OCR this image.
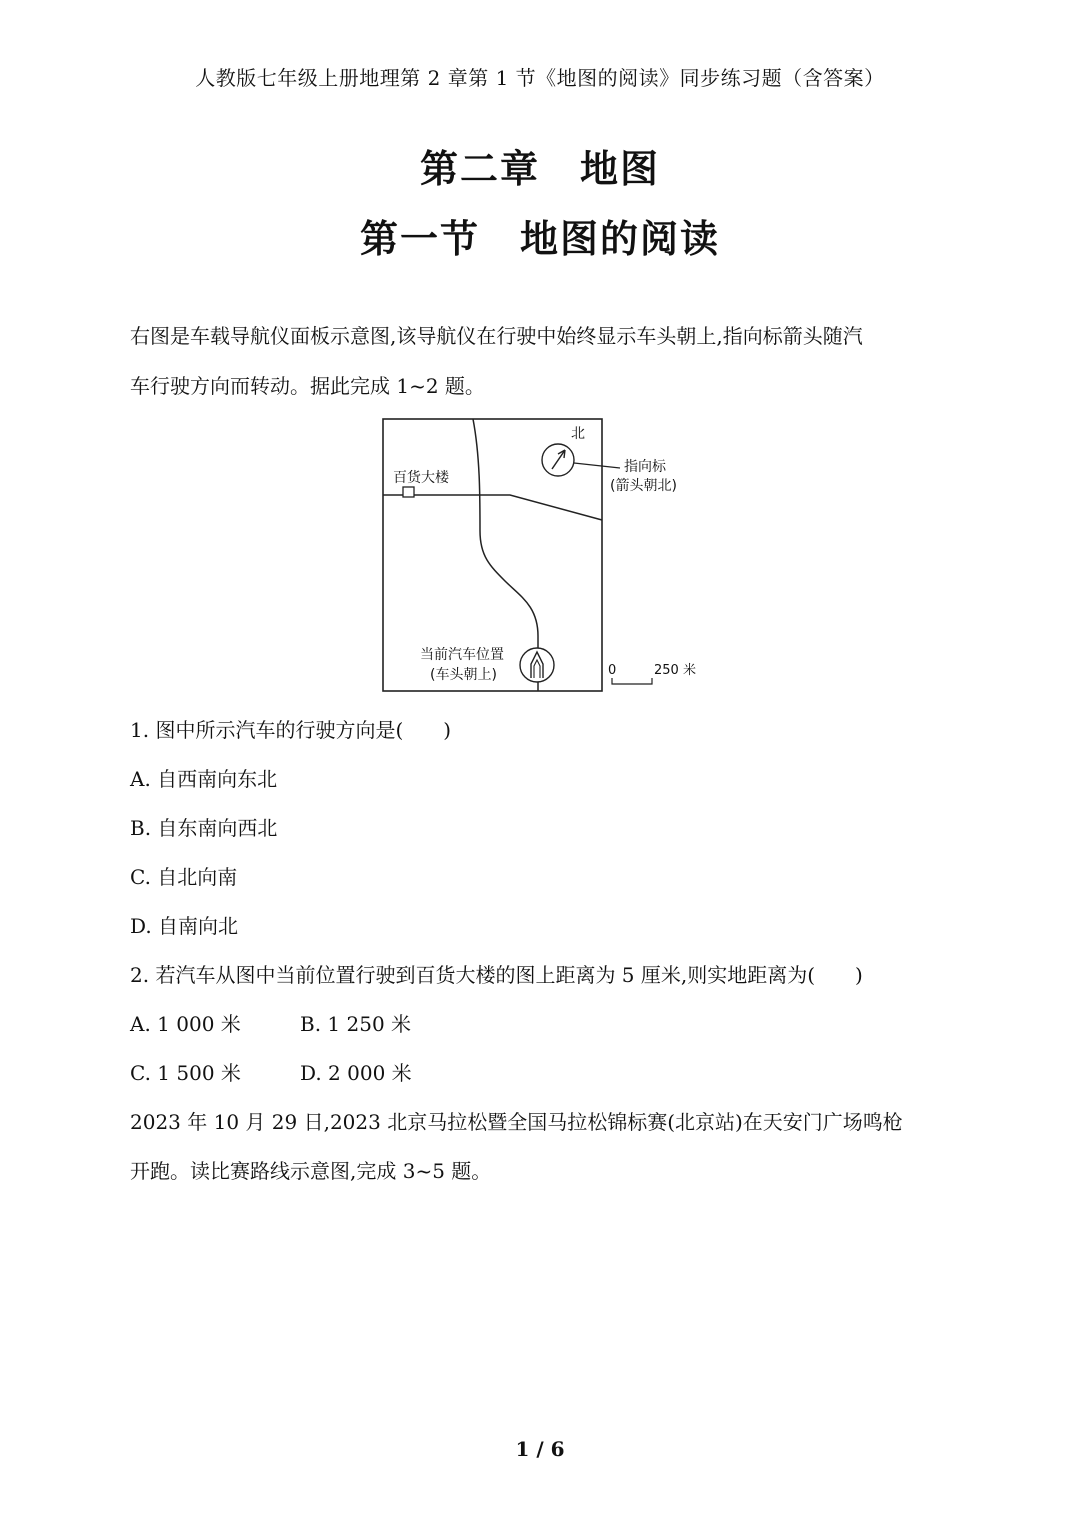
人教版七年级上册地理第 2 章第 1 节《地图的阅读》同步练习题（含答案）
第二章　地图
第一节　地图的阅读
右图是车载导航仪面板示意图,该导航仪在行驶中始终显示车头朝上,指向标箭头随汽
车行驶方向而转动。据此完成 1~2 题。
百货大楼
北
指向标
(箭头朝北)
当前汽车位置
(车头朝上)	0	250 米
1. 图中所示汽车的行驶方向是(　　)
A. 自西南向东北
B. 自东南向西北
C. 自北向南
D. 自南向北
2. 若汽车从图中当前位置行驶到百货大楼的图上距离为 5 厘米,则实地距离为(　　)
A. 1 000 米	B. 1 250 米
C. 1 500 米	D. 2 000 米
2023 年 10 月 29 日,2023 北京马拉松暨全国马拉松锦标赛(北京站)在天安门广场鸣枪
开跑。读比赛路线示意图,完成 3~5 题。
1 / 6
